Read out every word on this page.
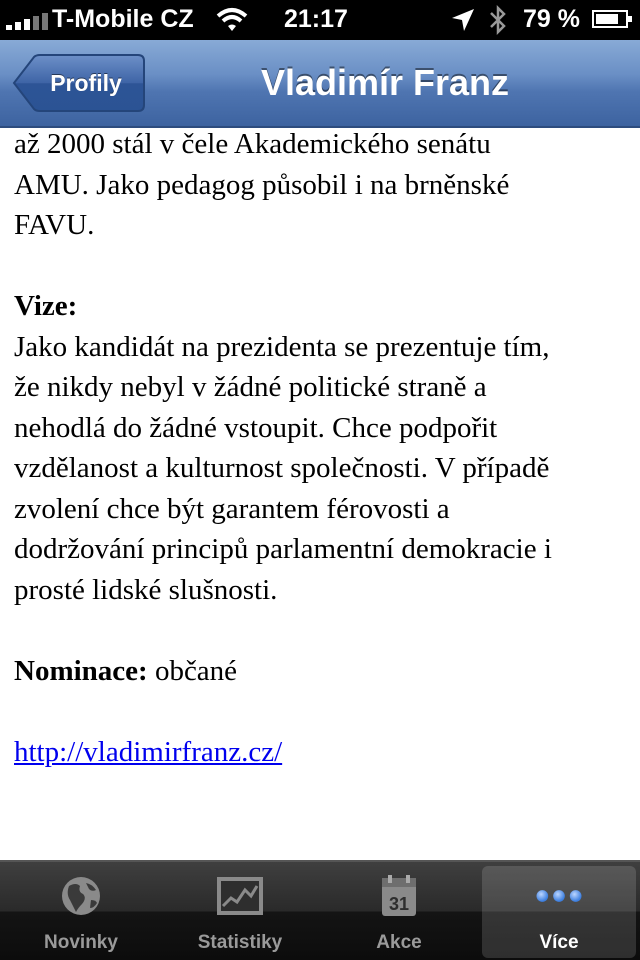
T-Mobile CZ	21:17	79 %
Profily	Vladimír Franz

až 2000 stál v čele Akademického senátu
AMU. Jako pedagog působil i na brněnské
FAVU.

Vize:
Jako kandidát na prezidenta se prezentuje tím,
že nikdy nebyl v žádné politické straně a
nehodlá do žádné vstoupit. Chce podpořit
vzdělanost a kulturnost společnosti. V případě
zvolení chce být garantem férovosti a
dodržování principů parlamentní demokracie i
prosté lidské slušnosti.

Nominace: občané

http://vladimirfranz.cz/

Novinky	Statistiky
31
Akce	Více
